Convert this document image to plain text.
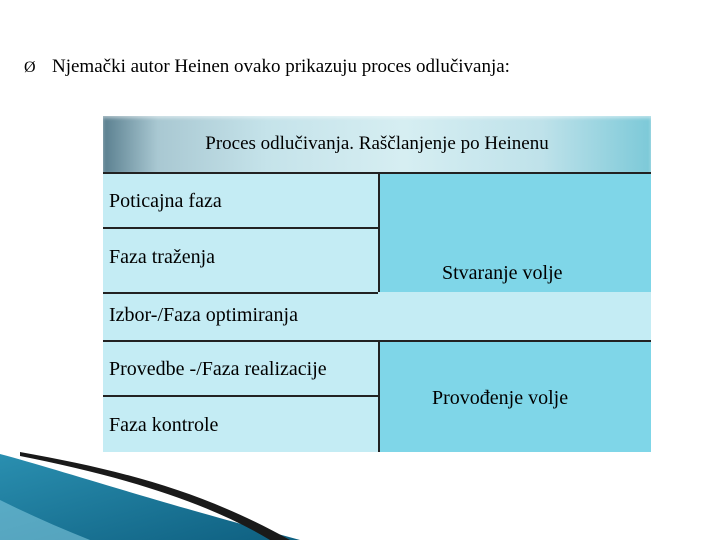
Ø Njemački autor Heinen ovako prikazuju proces odlučivanja:
Proces odlučivanja. Raščlanjenje po Heinenu
Poticajna faza
Faza traženja
Izbor-/Faza optimiranja
Provedbe -/Faza realizacije
Faza kontrole
Stvaranje volje
Provođenje volje
